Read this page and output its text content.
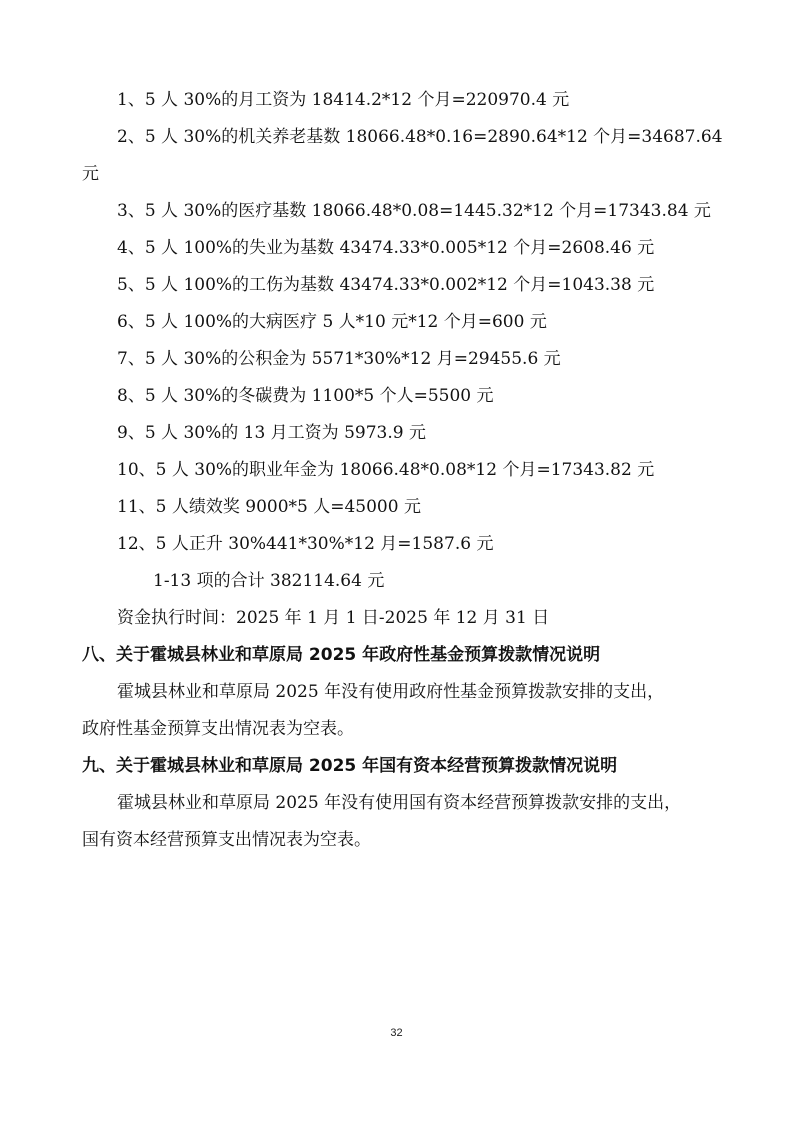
1、5 人 30%的月工资为 18414.2*12 个月=220970.4 元
2、5 人 30%的机关养老基数 18066.48*0.16=2890.64*12 个月=34687.64
元
3、5 人 30%的医疗基数 18066.48*0.08=1445.32*12 个月=17343.84 元
4、5 人 100%的失业为基数 43474.33*0.005*12 个月=2608.46 元
5、5 人 100%的工伤为基数 43474.33*0.002*12 个月=1043.38 元
6、5 人 100%的大病医疗 5 人*10 元*12 个月=600 元
7、5 人 30%的公积金为 5571*30%*12 月=29455.6 元
8、5 人 30%的冬碳费为 1100*5 个人=5500 元
9、5 人 30%的 13 月工资为 5973.9 元
10、5 人 30%的职业年金为 18066.48*0.08*12 个月=17343.82 元
11、5 人绩效奖 9000*5 人=45000 元
12、5 人正升 30%441*30%*12 月=1587.6 元
1-13 项的合计 382114.64 元
资金执行时间：2025 年 1 月 1 日-2025 年 12 月 31 日
八、关于霍城县林业和草原局 2025 年政府性基金预算拨款情况说明
霍城县林业和草原局 2025 年没有使用政府性基金预算拨款安排的支出，
政府性基金预算支出情况表为空表。
九、关于霍城县林业和草原局 2025 年国有资本经营预算拨款情况说明
霍城县林业和草原局 2025 年没有使用国有资本经营预算拨款安排的支出，
国有资本经营预算支出情况表为空表。
32
